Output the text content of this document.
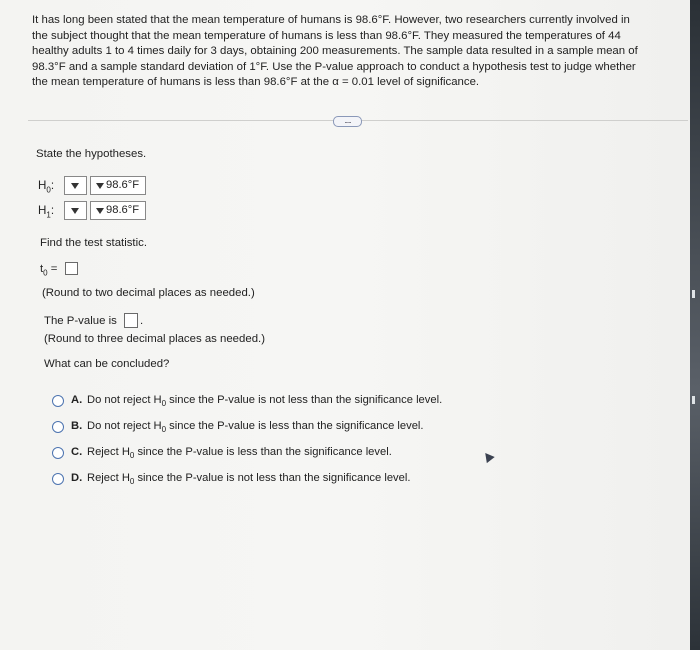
It has long been stated that the mean temperature of humans is 98.6°F. However, two researchers currently involved in
the subject thought that the mean temperature of humans is less than 98.6°F. They measured the temperatures of 44
healthy adults 1 to 4 times daily for 3 days, obtaining 200 measurements. The sample data resulted in a sample mean of
98.3°F and a sample standard deviation of 1°F. Use the P-value approach to conduct a hypothesis test to judge whether
the mean temperature of humans is less than 98.6°F at the α = 0.01 level of significance.
.....
State the hypotheses.
$H_0$:	98.6°F
$H_1$:	98.6°F
Find the test statistic.
$t_0$ =
(Round to two decimal places as needed.)
The P-value is .
(Round to three decimal places as needed.)
What can be concluded?
A. Do not reject $H_0$ since the P-value is not less than the significance level.
B. Do not reject $H_0$ since the P-value is less than the significance level.
C. Reject $H_0$ since the P-value is less than the significance level.
D. Reject $H_0$ since the P-value is not less than the significance level.
